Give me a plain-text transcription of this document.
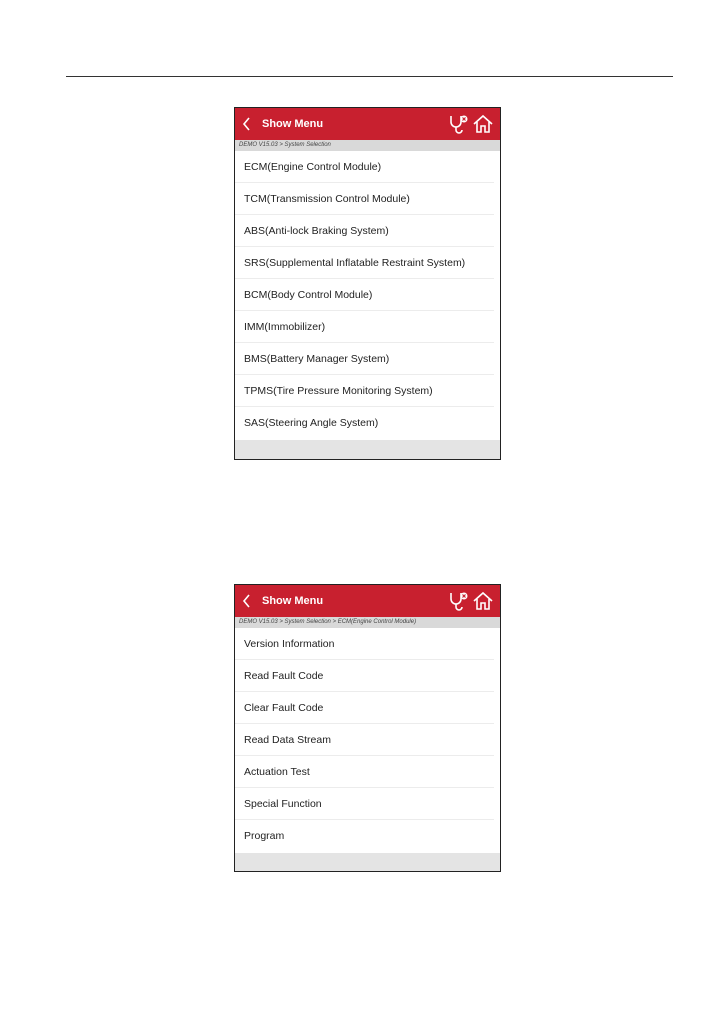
Show Menu
DEMO V15.03 > System Selection
ECM(Engine Control Module)
TCM(Transmission Control Module)
ABS(Anti-lock Braking System)
SRS(Supplemental Inflatable Restraint System)
BCM(Body Control Module)
IMM(Immobilizer)
BMS(Battery Manager System)
TPMS(Tire Pressure Monitoring System)
SAS(Steering Angle System)
Show Menu
DEMO V15.03 > System Selection > ECM(Engine Control Module)
Version Information
Read Fault Code
Clear Fault Code
Read Data Stream
Actuation Test
Special Function
Program
